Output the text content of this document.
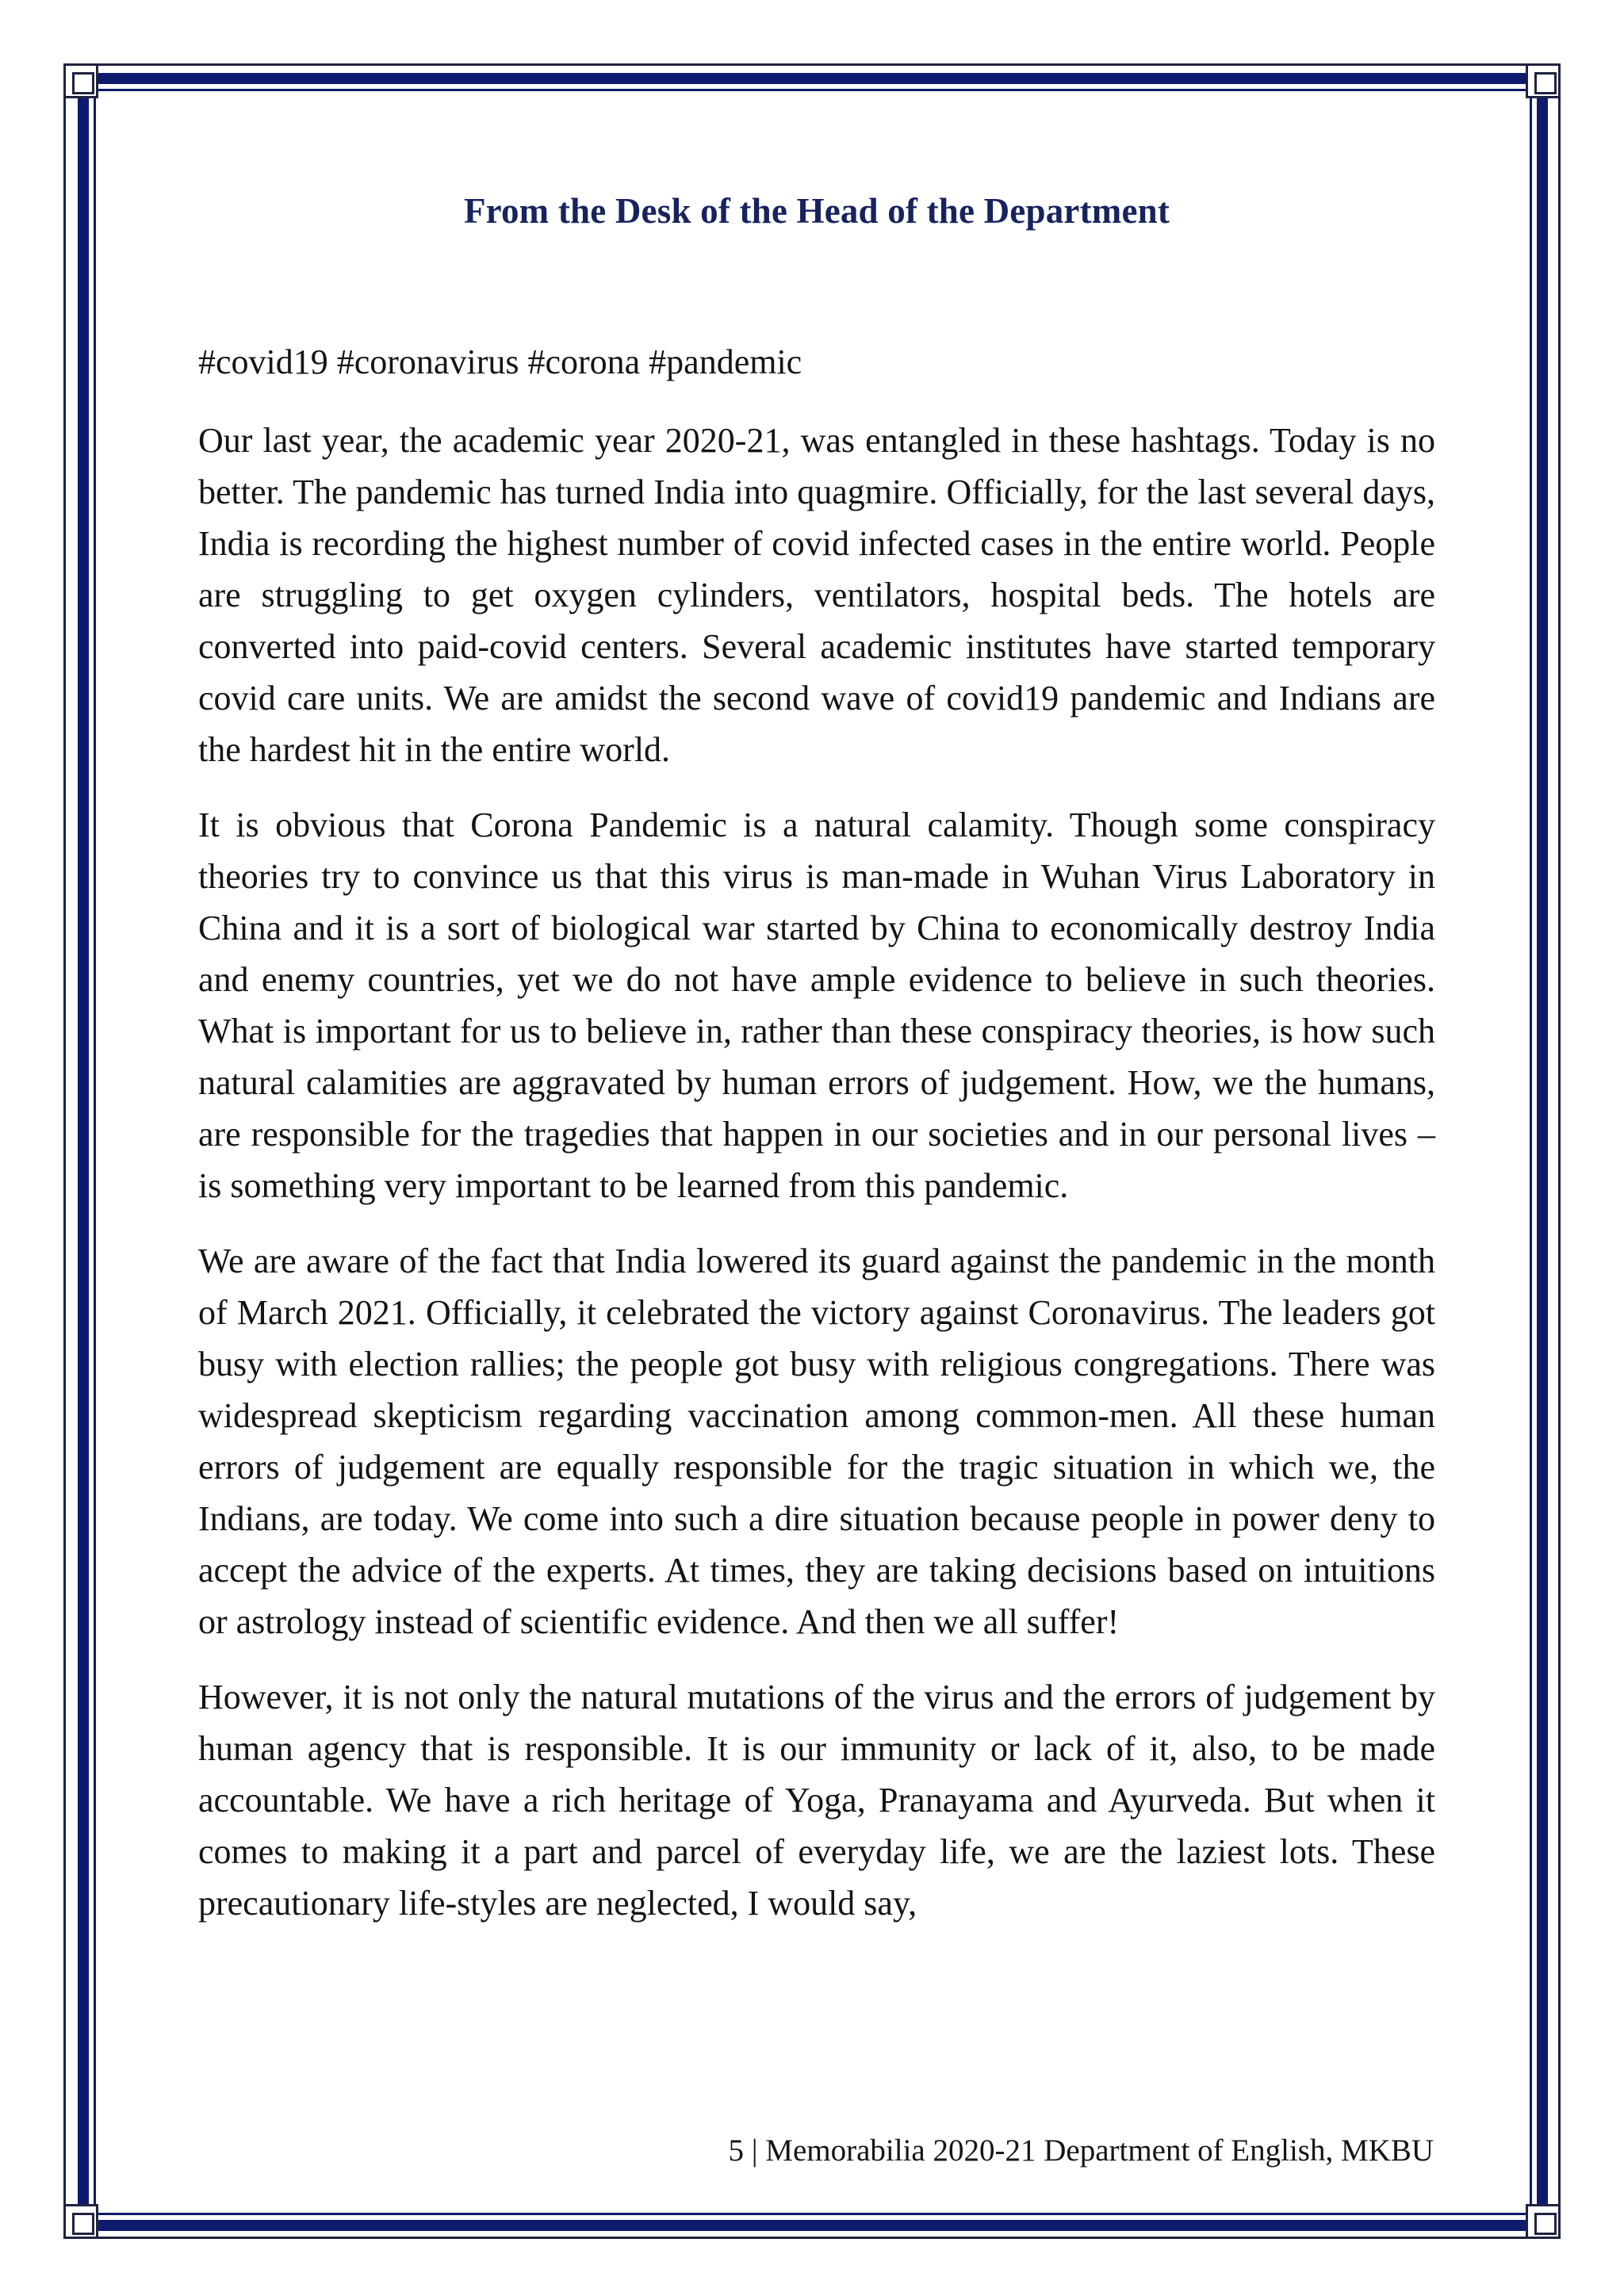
From the Desk of the Head of the Department

#covid19 #coronavirus #corona #pandemic

Our last year, the academic year 2020-21, was entangled in these hashtags. Today is no better. The pandemic has turned India into quagmire. Officially, for the last several days, India is recording the highest number of covid infected cases in the entire world. People are struggling to get oxygen cylinders, ventilators, hospital beds. The hotels are converted into paid-covid centers. Several academic institutes have started temporary covid care units. We are amidst the second wave of covid19 pandemic and Indians are the hardest hit in the entire world.

It is obvious that Corona Pandemic is a natural calamity. Though some conspiracy theories try to convince us that this virus is man-made in Wuhan Virus Laboratory in China and it is a sort of biological war started by China to economically destroy India and enemy countries, yet we do not have ample evidence to believe in such theories. What is important for us to believe in, rather than these conspiracy theories, is how such natural calamities are aggravated by human errors of judgement. How, we the humans, are responsible for the tragedies that happen in our societies and in our personal lives – is something very important to be learned from this pandemic.

We are aware of the fact that India lowered its guard against the pandemic in the month of March 2021. Officially, it celebrated the victory against Coronavirus. The leaders got busy with election rallies; the people got busy with religious congregations. There was widespread skepticism regarding vaccination among common-men. All these human errors of judgement are equally responsible for the tragic situation in which we, the Indians, are today. We come into such a dire situation because people in power deny to accept the advice of the experts. At times, they are taking decisions based on intuitions or astrology instead of scientific evidence. And then we all suffer!

However, it is not only the natural mutations of the virus and the errors of judgement by human agency that is responsible. It is our immunity or lack of it, also, to be made accountable. We have a rich heritage of Yoga, Pranayama and Ayurveda. But when it comes to making it a part and parcel of everyday life, we are the laziest lots. These precautionary life-styles are neglected, I would say,

5 | Memorabilia 2020-21 Department of English, MKBU
